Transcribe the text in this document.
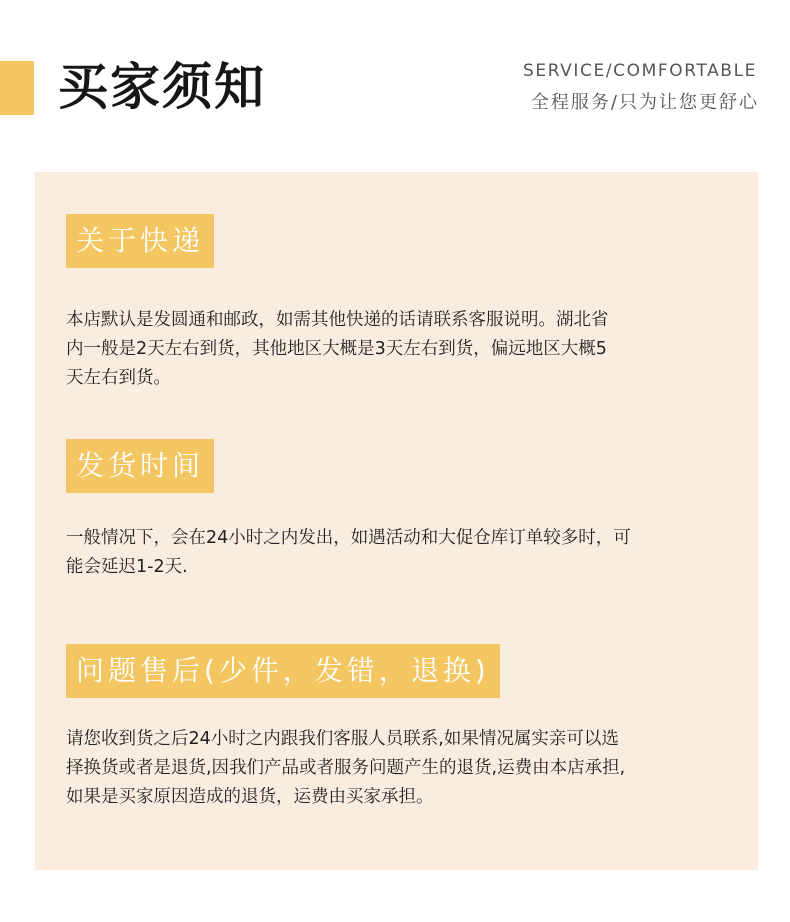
买家须知	SERVICE/COMFORTABLE
全程服务/只为让您更舒心
关于快递

本店默认是发圆通和邮政，如需其他快递的话请联系客服说明。湖北省

内一般是2天左右到货，其他地区大概是3天左右到货，偏远地区大概5

天左右到货。

发货时间

一般情况下，会在24小时之内发出，如遇活动和大促仓库订单较多时，可

能会延迟1-2天.

问题售后(少件，发错，退换)

请您收到货之后24小时之内跟我们客服人员联系,如果情况属实亲可以选

择换货或者是退货,因我们产品或者服务问题产生的退货,运费由本店承担,

如果是买家原因造成的退货，运费由买家承担。
